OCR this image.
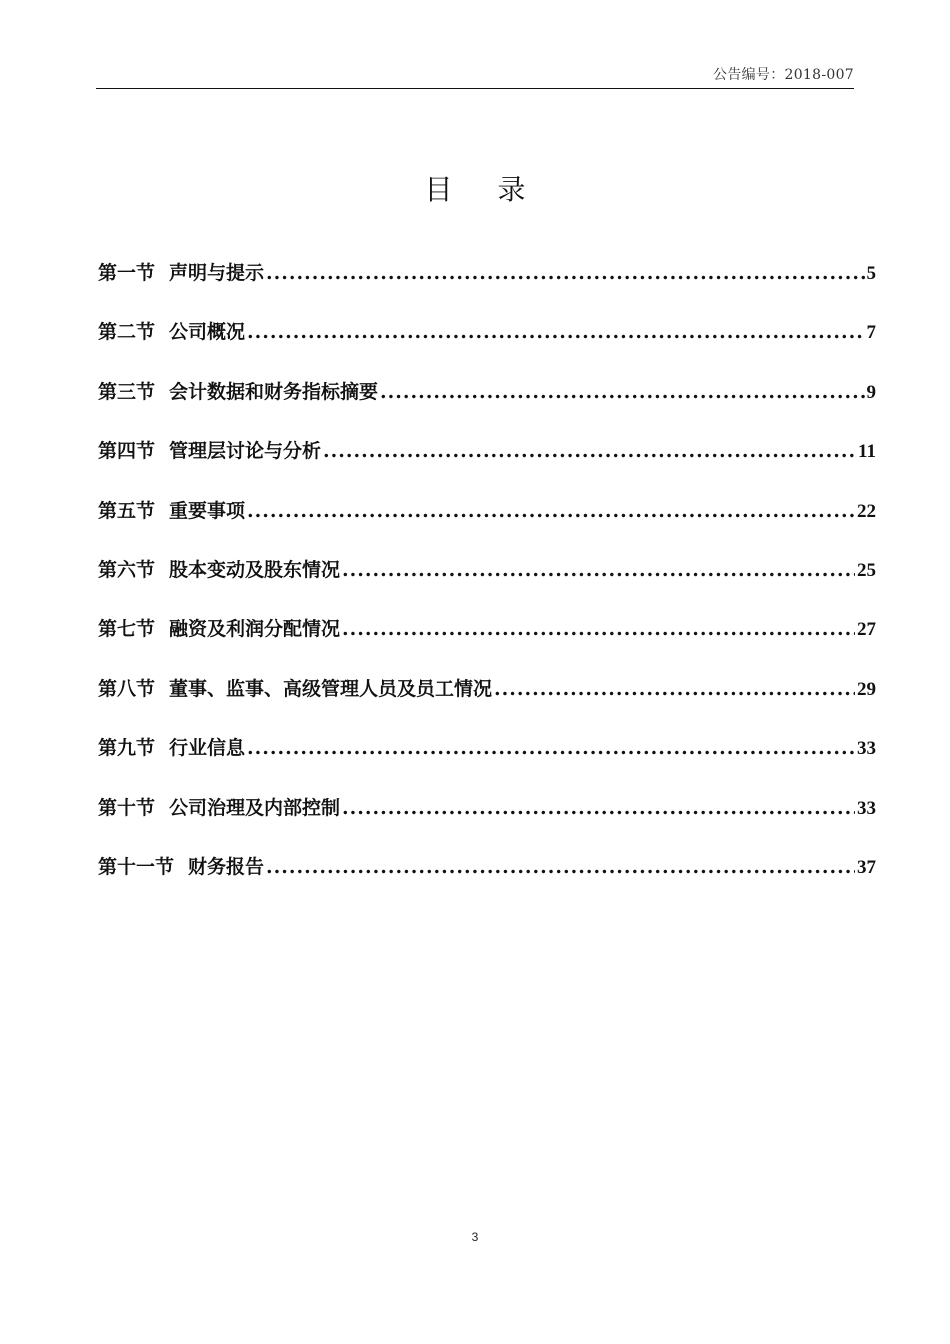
公告编号：2018-007
目 录
第一节 声明与提示 .....	5
第二节 公司概况 .....	7
第三节 会计数据和财务指标摘要 .....	9
第四节 管理层讨论与分析 .....	11
第五节 重要事项 .....	22
第六节 股本变动及股东情况 .....	25
第七节 融资及利润分配情况 .....	27
第八节 董事、监事、高级管理人员及员工情况 .....	29
第九节 行业信息 .....	33
第十节 公司治理及内部控制 .....	33
第十一节 财务报告 .....	37
3
